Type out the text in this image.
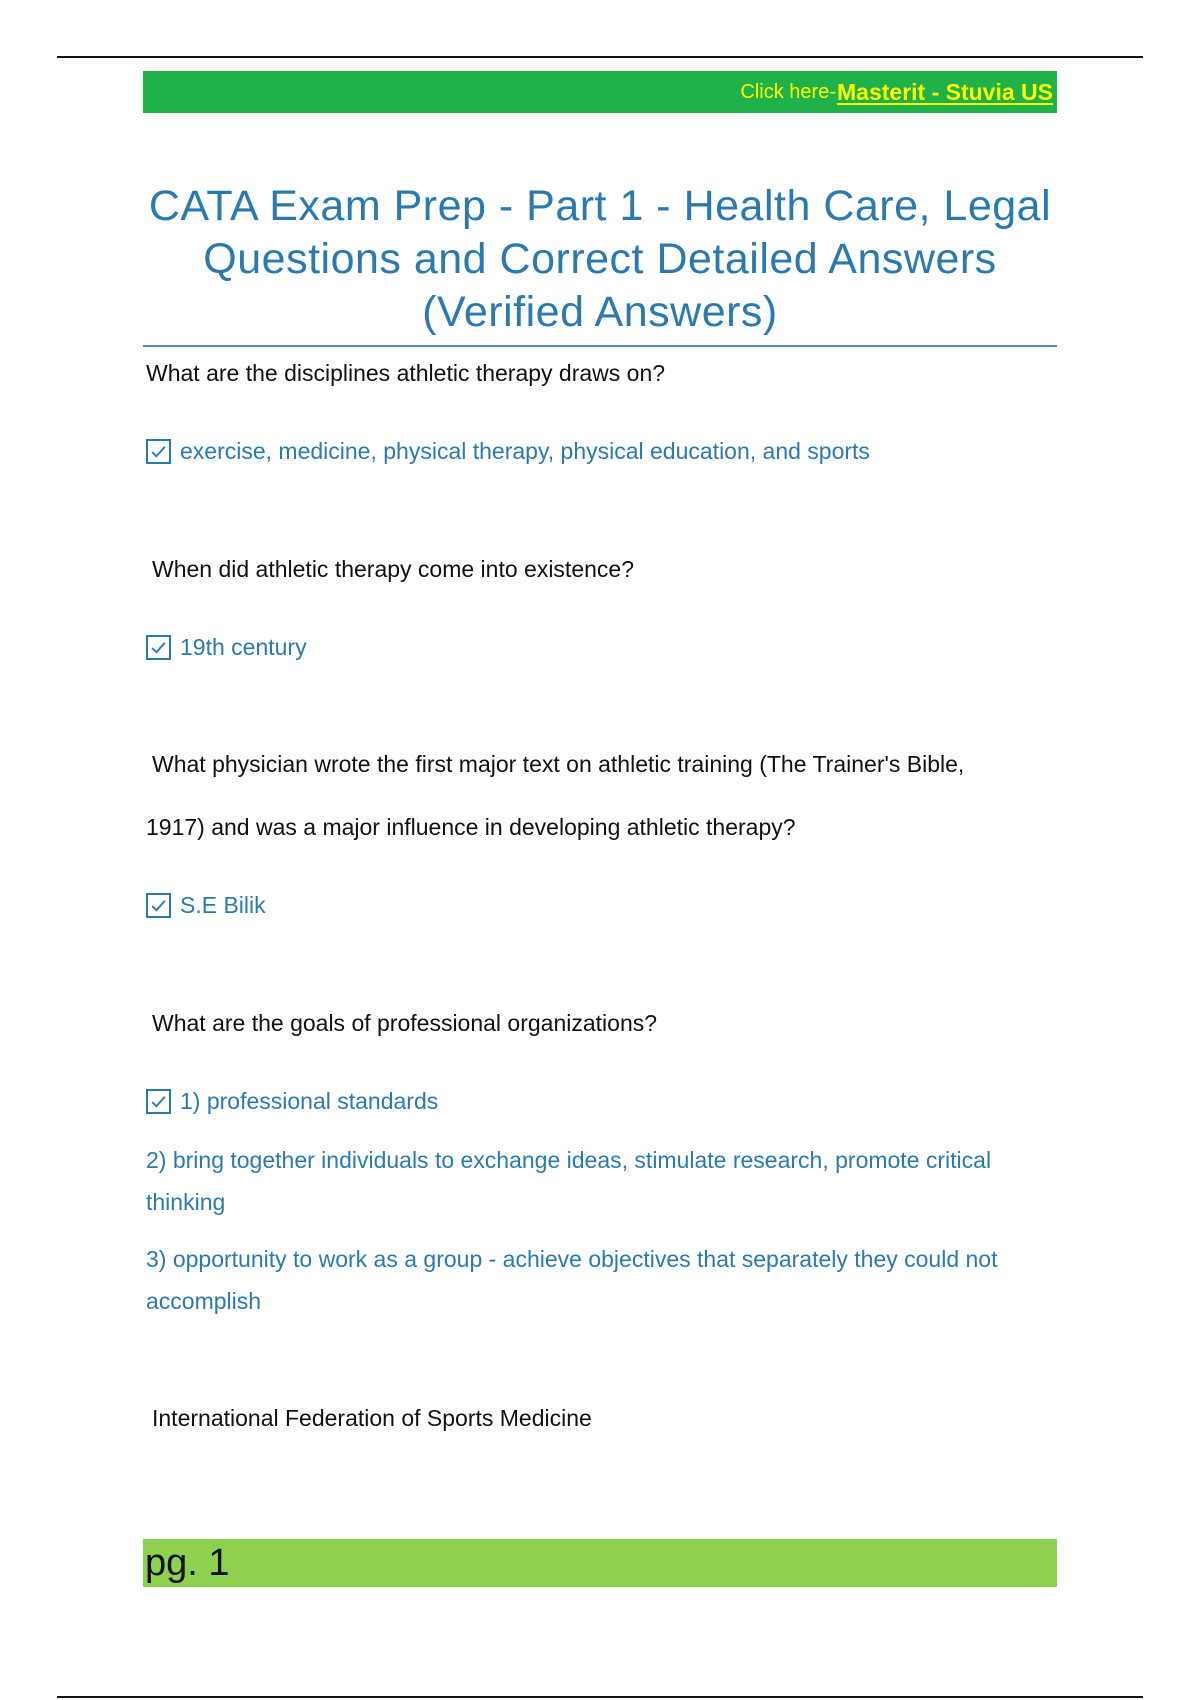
Click here- Masterit - Stuvia US
CATA Exam Prep - Part 1 - Health Care, Legal
Questions and Correct Detailed Answers
(Verified Answers)
What are the disciplines athletic therapy draws on?
exercise, medicine, physical therapy, physical education, and sports
When did athletic therapy come into existence?
19th century
What physician wrote the first major text on athletic training (The Trainer's Bible,
1917) and was a major influence in developing athletic therapy?
S.E Bilik
What are the goals of professional organizations?
1) professional standards
2) bring together individuals to exchange ideas, stimulate research, promote critical
thinking
3) opportunity to work as a group - achieve objectives that separately they could not
accomplish
International Federation of Sports Medicine
pg. 1
